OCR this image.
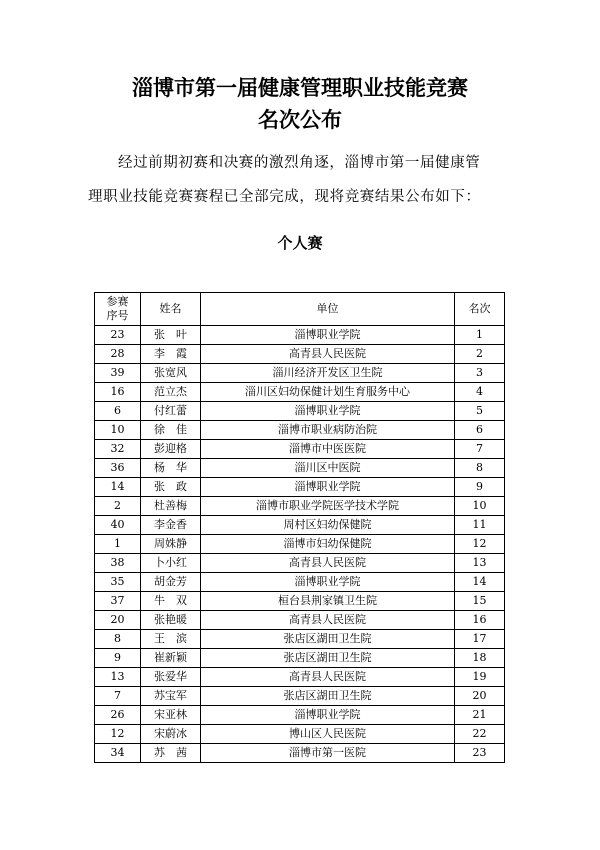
淄博市第一届健康管理职业技能竞赛
名次公布
经过前期初赛和决赛的激烈角逐，淄博市第一届健康管
理职业技能竞赛赛程已全部完成，现将竞赛结果公布如下：
个人赛
参赛
序号	姓名	单位	名次
23	张　叶	淄博职业学院	1
28	李　霞	高青县人民医院	2
39	张宽风	淄川经济开发区卫生院	3
16	范立杰	淄川区妇幼保健计划生育服务中心	4
6	付红蕾	淄博职业学院	5
10	徐　佳	淄博市职业病防治院	6
32	彭迎格	淄博市中医医院	7
36	杨　华	淄川区中医院	8
14	张　政	淄博职业学院	9
2	杜善梅	淄博市职业学院医学技术学院	10
40	李金香	周村区妇幼保健院	11
1	周姝静	淄博市妇幼保健院	12
38	卜小红	高青县人民医院	13
35	胡金芳	淄博职业学院	14
37	牛　双	桓台县荆家镇卫生院	15
20	张艳暖	高青县人民医院	16
8	王　滨	张店区湖田卫生院	17
9	崔新颖	张店区湖田卫生院	18
13	张爱华	高青县人民医院	19
7	苏宝军	张店区湖田卫生院	20
26	宋亚林	淄博职业学院	21
12	宋蔚冰	博山区人民医院	22
34	苏　茜	淄博市第一医院	23
